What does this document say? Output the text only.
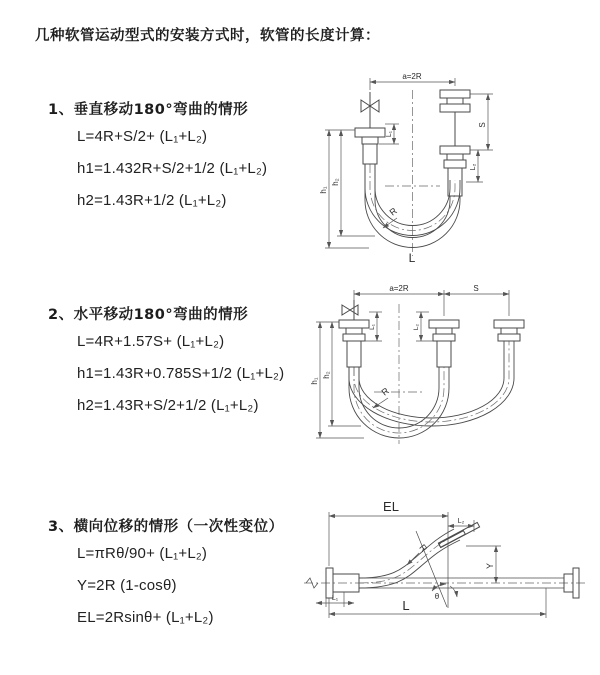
几种软管运动型式的安装方式时，软管的长度计算：
1、垂直移动180°弯曲的情形
L=4R+S/2+ (L₁+L₂)
h1=1.432R+S/2+1/2 (L₁+L₂)
h2=1.43R+1/2 (L₁+L₂)
2、水平移动180°弯曲的情形
L=4R+1.57S+ (L₁+L₂)
h1=1.43R+0.785S+1/2 (L₁+L₂)
h2=1.43R+S/2+1/2 (L₁+L₂)
3、横向位移的情形（一次性变位）
L=πRθ/90+ (L₁+L₂)
Y=2R (1-cosθ)
EL=2Rsinθ+ (L₁+L₂)
a=2R
S
L₂
L₁
h₁
h₂
R
L
a=2R	S
L₁	L₂
h₁
h₂
R
EL
L₂
R
θ
Y
L₁	L
